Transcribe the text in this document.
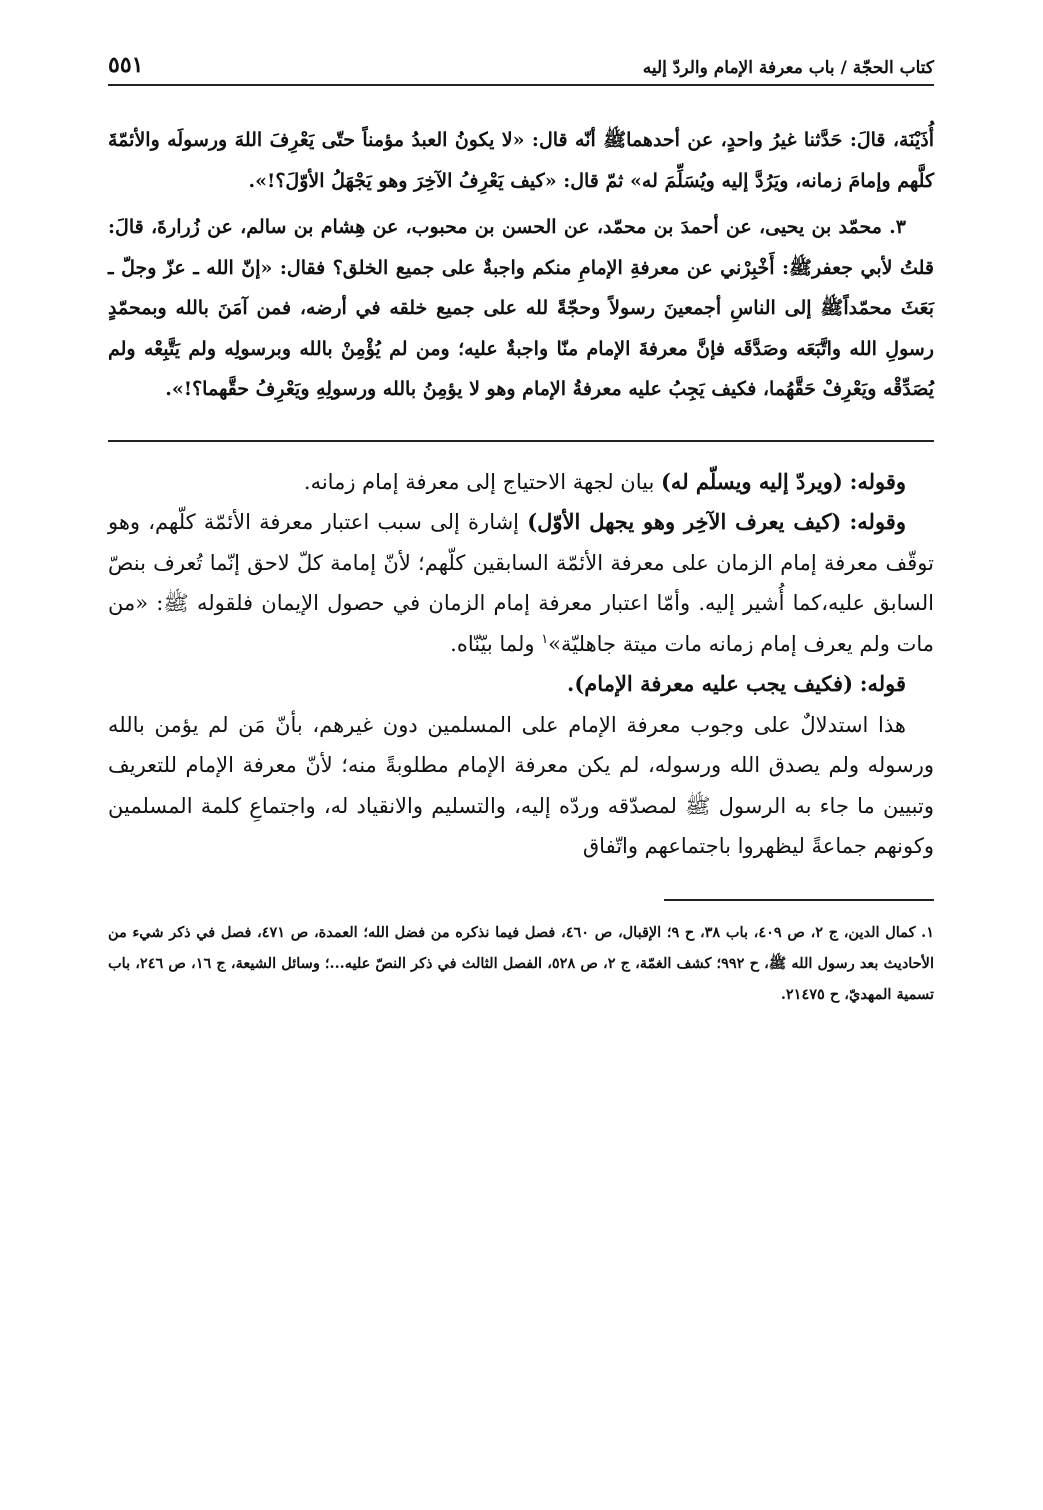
كتاب الحجّة / باب معرفة الإمام والردّ إليه
٥٥١

أُذَيْنَة، قالَ: حَدَّثنا غيرُ واحدٍ، عن أحدهماﷺ أنّه قال: «لا يكونُ العبدُ مؤمناً حتّى يَعْرِفَ اللهَ ورسولَه والأئمّةَ كلَّهم وإمامَ زمانه، ويَرُدَّ إليه ويُسَلِّمَ له» ثمّ قال: «كيف يَعْرِفُ الآخِرَ وهو يَجْهَلُ الأوّلَ؟!».

٣. محمّد بن يحيى، عن أحمدَ بن محمّد، عن الحسن بن محبوب، عن هِشام بن سالم، عن زُرارةَ، قالَ: قلتُ لأبي جعفرﷺ: أَخْبِرْني عن معرفةِ الإمامِ منكم واجبةٌ على جميع الخلق؟ فقال: «إنّ الله ـ عزّ وجلّ ـ بَعَثَ محمّداًﷺ إلى الناسِ أجمعينَ رسولاً وحجّةً لله على جميع خلقه في أرضه، فمن آمَنَ بالله وبمحمّدٍ رسولِ الله واتَّبَعَه وصَدَّقَه فإنَّ معرفةَ الإمام منّا واجبةٌ عليه؛ ومن لم يُؤْمِنْ بالله وبرسولِه ولم يَتَّبِعْه ولم يُصَدِّقْه ويَعْرِفْ حَقَّهُما، فكيف يَجِبُ عليه معرفةُ الإمام وهو لا يؤمِنُ بالله ورسولِهِ ويَعْرِفُ حقَّهما؟!».

وقوله: (ويردّ إليه ويسلّم له) بيان لجهة الاحتياج إلى معرفة إمام زمانه.

وقوله: (كيف يعرف الآخِر وهو يجهل الأوّل) إشارة إلى سبب اعتبار معرفة الأئمّة كلّهم، وهو توقّف معرفة إمام الزمان على معرفة الأئمّة السابقين كلّهم؛ لأنّ إمامة كلّ لاحق إنّما تُعرف بنصّ السابق عليه،كما أُشير إليه. وأمّا اعتبار معرفة إمام الزمان في حصول الإيمان فلقوله ﷺ: «من مات ولم يعرف إمام زمانه مات ميتة جاهليّة»$^١$ ولما بيّنّاه.

قوله: (فكيف يجب عليه معرفة الإمام).

هذا استدلالٌ على وجوب معرفة الإمام على المسلمين دون غيرهم، بأنّ مَن لم يؤمن بالله ورسوله ولم يصدق الله ورسوله، لم يكن معرفة الإمام مطلوبةً منه؛ لأنّ معرفة الإمام للتعريف وتبيين ما جاء به الرسول ﷺ لمصدّقه وردّه إليه، والتسليم والانقياد له، واجتماعِ كلمة المسلمين وكونهم جماعةً ليظهروا باجتماعهم واتّفاق

١. كمال الدين، ج ٢، ص ٤٠٩، باب ٣٨، ح ٩؛ الإقبال، ص ٤٦٠، فصل فيما نذكره من فضل الله؛ العمدة، ص ٤٧١، فصل في ذكر شيء من الأحاديث بعد رسول الله ﷺ، ح ٩٩٢؛ كشف الغمّة، ج ٢، ص ٥٢٨، الفصل الثالث في ذكر النصّ عليه...؛ وسائل الشيعة، ج ١٦، ص ٢٤٦، باب تسمية المهديّ، ح ٢١٤٧٥.
